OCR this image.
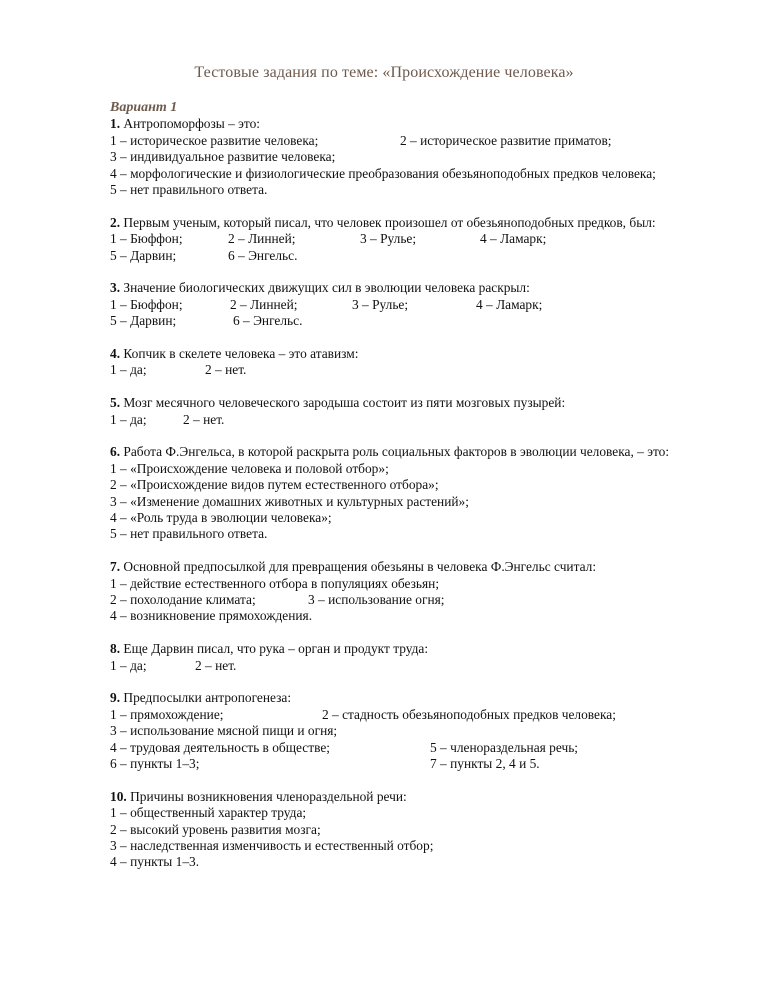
Тестовые задания по теме: «Происхождение человека»
Вариант 1
1. Антропоморфозы – это:
1 – историческое развитие человека;	2 – историческое развитие приматов;
3 – индивидуальное развитие человека;
4 – морфологические и физиологические преобразования обезьяноподобных предков человека;
5 – нет правильного ответа.
2. Первым ученым, который писал, что человек произошел от обезьяноподобных предков, был:
1 – Бюффон;	2 – Линней;	3 – Рулье;	4 – Ламарк;
5 – Дарвин;	6 – Энгельс.
3. Значение биологических движущих сил в эволюции человека раскрыл:
1 – Бюффон;	2 – Линней;	3 – Рулье;	4 – Ламарк;
5 – Дарвин;	6 – Энгельс.
4. Копчик в скелете человека – это атавизм:
1 – да;	2 – нет.
5. Мозг месячного человеческого зародыша состоит из пяти мозговых пузырей:
1 – да;	2 – нет.
6. Работа Ф.Энгельса, в которой раскрыта роль социальных факторов в эволюции человека, – это:
1 – «Происхождение человека и половой отбор»;
2 – «Происхождение видов путем естественного отбора»;
3 – «Изменение домашних животных и культурных растений»;
4 – «Роль труда в эволюции человека»;
5 – нет правильного ответа.
7. Основной предпосылкой для превращения обезьяны в человека Ф.Энгельс считал:
1 – действие естественного отбора в популяциях обезьян;
2 – похолодание климата;	3 – использование огня;
4 – возникновение прямохождения.
8. Еще Дарвин писал, что рука – орган и продукт труда:
1 – да;	2 – нет.
9. Предпосылки антропогенеза:
1 – прямохождение;	2 – стадность обезьяноподобных предков человека;
3 – использование мясной пищи и огня;
4 – трудовая деятельность в обществе;	5 – членораздельная речь;
6 – пункты 1–3;	7 – пункты 2, 4 и 5.
10. Причины возникновения членораздельной речи:
1 – общественный характер труда;
2 – высокий уровень развития мозга;
3 – наследственная изменчивость и естественный отбор;
4 – пункты 1–3.
